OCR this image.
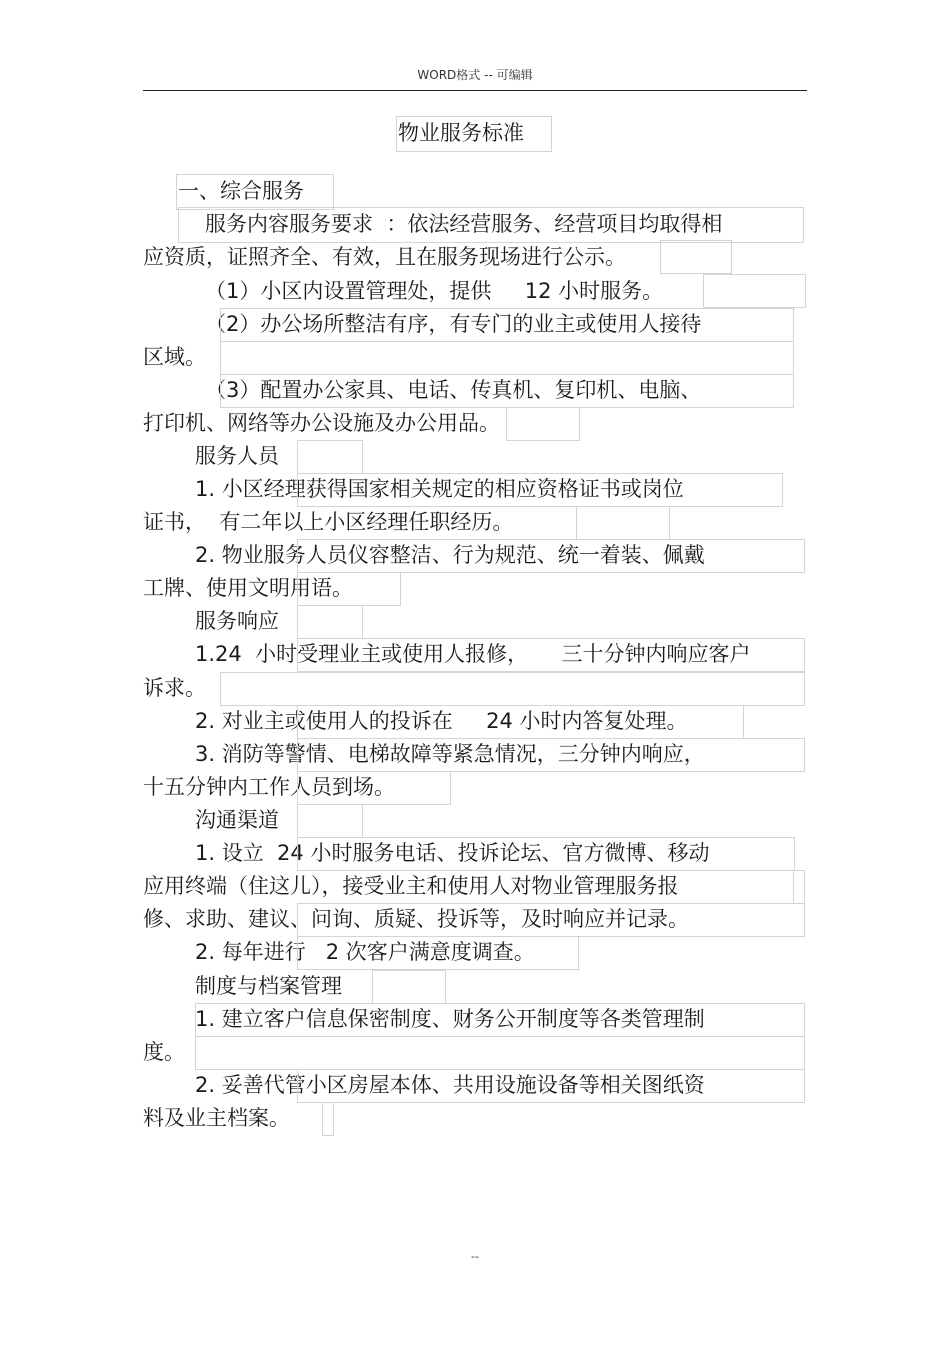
WORD格式 -- 可编辑
物业服务标准
一、综合服务
服务内容服务要求  ：依法经营服务、经营项目均取得相
应资质，证照齐全、有效，且在服务现场进行公示。
（1）小区内设置管理处，提供     12 小时服务。
（2）办公场所整洁有序，有专门的业主或使用人接待
区域。
（3）配置办公家具、电话、传真机、复印机、电脑、
打印机、网络等办公设施及办公用品。
服务人员
1. 小区经理获得国家相关规定的相应资格证书或岗位
证书，  有二年以上小区经理任职经历。
2. 物业服务人员仪容整洁、行为规范、统一着装、佩戴
工牌、使用文明用语。
服务响应
1.24  小时受理业主或使用人报修，     三十分钟内响应客户
诉求。
2. 对业主或使用人的投诉在     24 小时内答复处理。
3. 消防等警情、电梯故障等紧急情况，三分钟内响应，
十五分钟内工作人员到场。
沟通渠道
1. 设立  24 小时服务电话、投诉论坛、官方微博、移动
应用终端（住这儿），接受业主和使用人对物业管理服务报
修、求助、建议、问询、质疑、投诉等，及时响应并记录。
2. 每年进行   2 次客户满意度调查。
制度与档案管理
1. 建立客户信息保密制度、财务公开制度等各类管理制
度。
2. 妥善代管小区房屋本体、共用设施设备等相关图纸资
料及业主档案。
--
